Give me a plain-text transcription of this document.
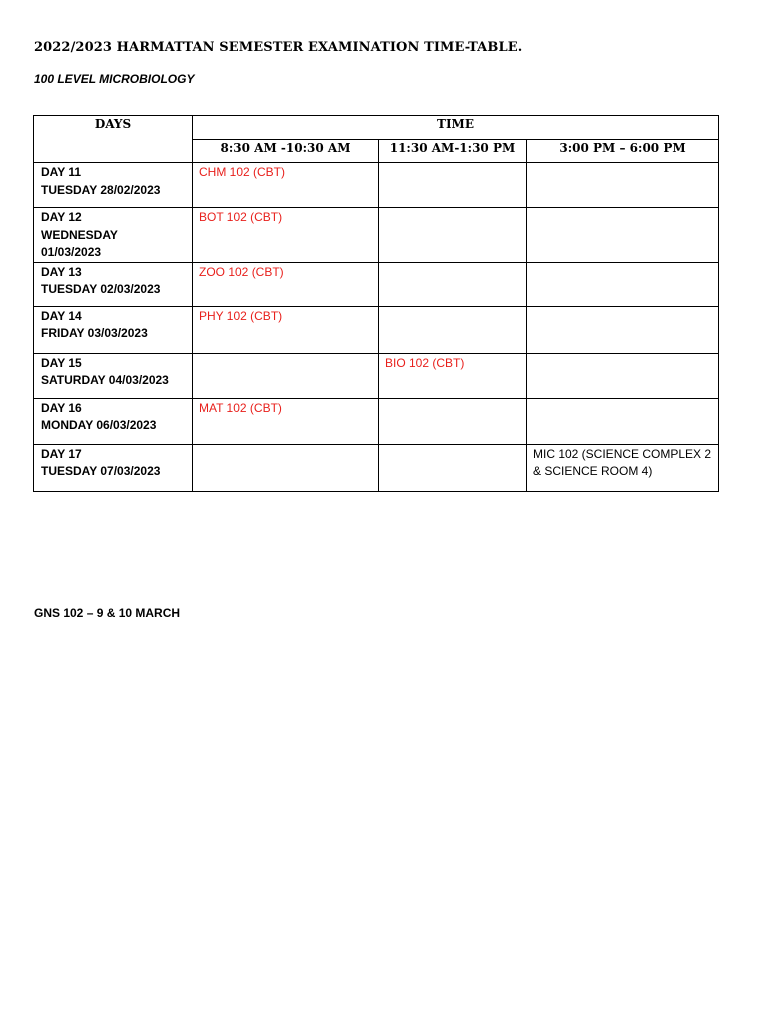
2022/2023 HARMATTAN SEMESTER EXAMINATION TIME-TABLE.
100 LEVEL MICROBIOLOGY
DAYS	TIME		
	8:30 AM -10:30 AM	11:30 AM-1:30 PM	3:00 PM – 6:00 PM

DAY 11
TUESDAY 28/02/2023	CHM 102 (CBT)		

DAY 12
WEDNESDAY 01/03/2023	BOT 102 (CBT)		

DAY 13
TUESDAY 02/03/2023	ZOO 102 (CBT)		

DAY 14
FRIDAY 03/03/2023	PHY 102 (CBT)		

DAY 15
SATURDAY 04/03/2023		BIO 102 (CBT)	

DAY 16
MONDAY 06/03/2023	MAT 102 (CBT)		

DAY 17
TUESDAY 07/03/2023			MIC 102 (SCIENCE COMPLEX 2 & SCIENCE ROOM 4)
GNS 102 – 9 & 10 MARCH
